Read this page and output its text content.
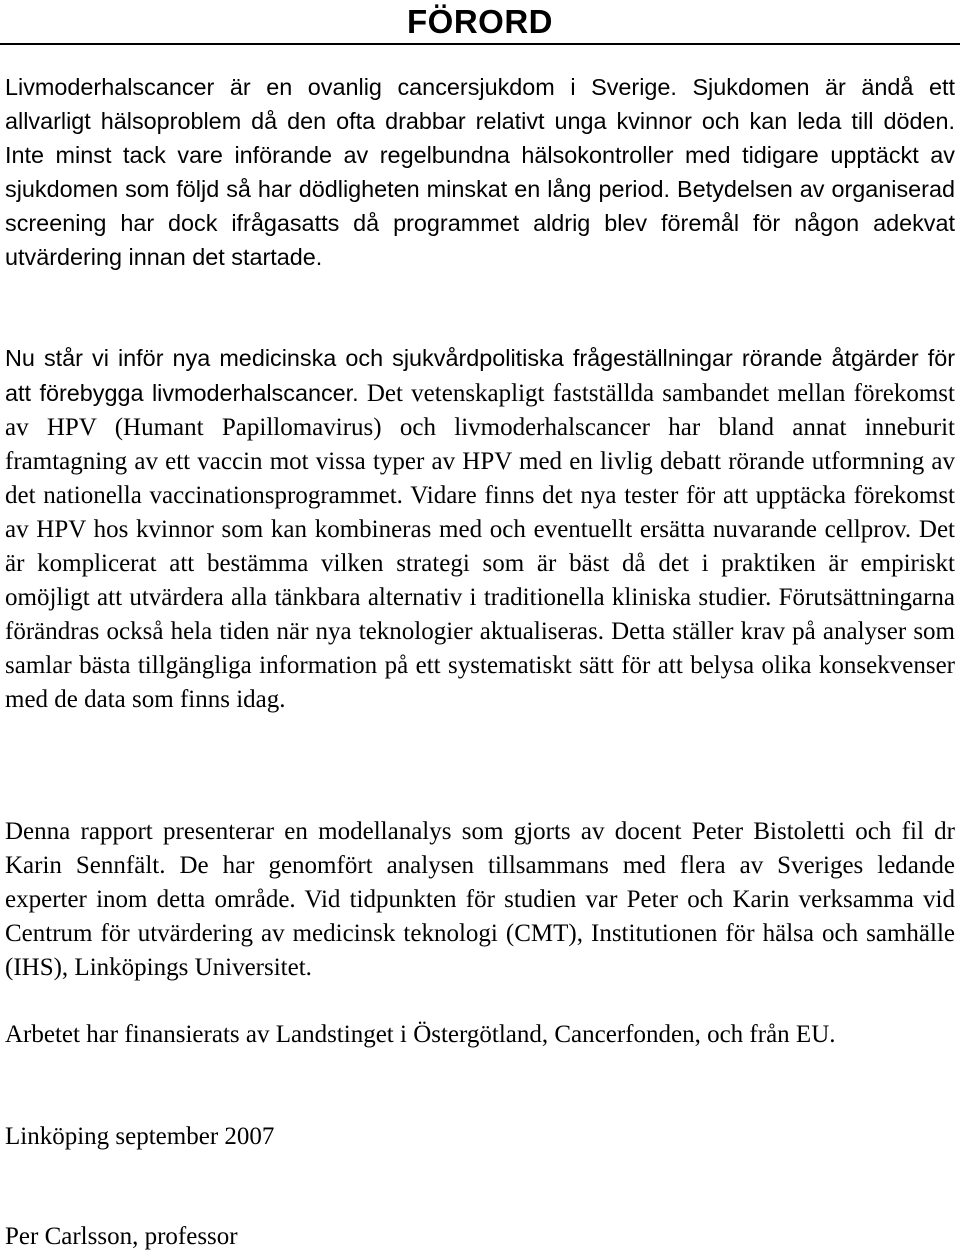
FÖRORD

Livmoderhalscancer är en ovanlig cancersjukdom i Sverige. Sjukdomen är ändå ett allvarligt hälsoproblem då den ofta drabbar relativt unga kvinnor och kan leda till döden. Inte minst tack vare införande av regelbundna hälsokontroller med tidigare upptäckt av sjukdomen som följd så har dödligheten minskat en lång period. Betydelsen av organiserad screening har dock ifrågasatts då programmet aldrig blev föremål för någon adekvat utvärdering innan det startade.

Nu står vi inför nya medicinska och sjukvårdpolitiska frågeställningar rörande åtgärder för att förebygga livmoderhalscancer. Det vetenskapligt fastställda sambandet mellan förekomst av HPV (Humant Papillomavirus) och livmoderhalscancer har bland annat inneburit framtagning av ett vaccin mot vissa typer av HPV med en livlig debatt rörande utformning av det nationella vaccinationsprogrammet. Vidare finns det nya tester för att upptäcka förekomst av HPV hos kvinnor som kan kombineras med och eventuellt ersätta nuvarande cellprov. Det är komplicerat att bestämma vilken strategi som är bäst då det i praktiken är empiriskt omöjligt att utvärdera alla tänkbara alternativ i traditionella kliniska studier. Förutsättningarna förändras också hela tiden när nya teknologier aktualiseras. Detta ställer krav på analyser som samlar bästa tillgängliga information på ett systematiskt sätt för att belysa olika konsekvenser med de data som finns idag.

Denna rapport presenterar en modellanalys som gjorts av docent Peter Bistoletti och fil dr Karin Sennfält. De har genomfört analysen tillsammans med flera av Sveriges ledande experter inom detta område. Vid tidpunkten för studien var Peter och Karin verksamma vid Centrum för utvärdering av medicinsk teknologi (CMT), Institutionen för hälsa och samhälle (IHS), Linköpings Universitet.

Arbetet har finansierats av Landstinget i Östergötland, Cancerfonden, och från EU.

Linköping september 2007

Per Carlsson, professor
